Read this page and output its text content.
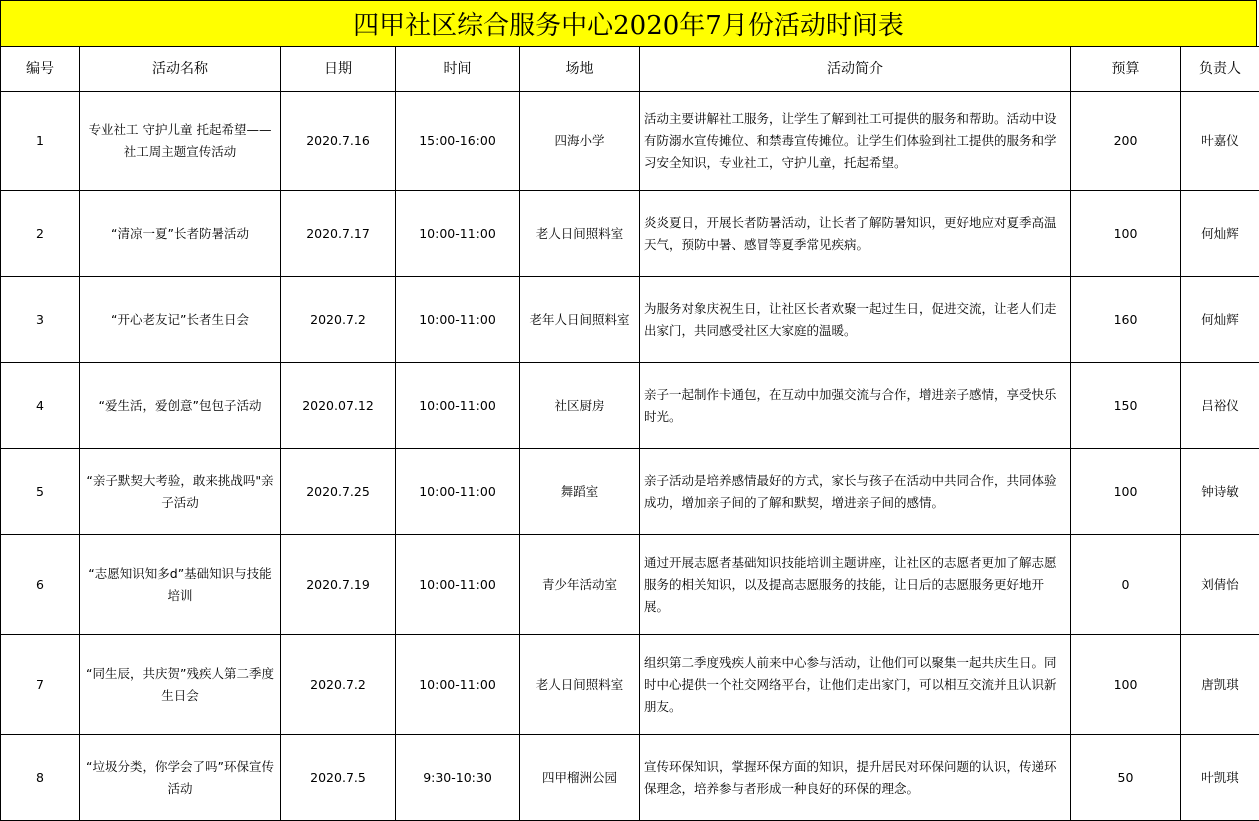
四甲社区综合服务中心2020年7月份活动时间表
编号	活动名称	日期	时间	场地	活动简介	预算	负责人
1	专业社工 守护儿童 托起希望——社工周主题宣传活动	2020.7.16	15:00-16:00	四海小学	活动主要讲解社工服务，让学生了解到社工可提供的服务和帮助。活动中设有防溺水宣传摊位、和禁毒宣传摊位。让学生们体验到社工提供的服务和学习安全知识，专业社工，守护儿童，托起希望。	200	叶嘉仪
2	“清凉一夏”长者防暑活动	2020.7.17	10:00-11:00	老人日间照料室	炎炎夏日，开展长者防暑活动，让长者了解防暑知识，更好地应对夏季高温天气，预防中暑、感冒等夏季常见疾病。	100	何灿辉
3	“开心老友记”长者生日会	2020.7.2	10:00-11:00	老年人日间照料室	为服务对象庆祝生日，让社区长者欢聚一起过生日，促进交流，让老人们走出家门，共同感受社区大家庭的温暖。	160	何灿辉
4	“爱生活，爱创意”包包子活动	2020.07.12	10:00-11:00	社区厨房	亲子一起制作卡通包，在互动中加强交流与合作，增进亲子感情，享受快乐时光。	150	吕裕仪
5	“亲子默契大考验，敢来挑战吗"亲子活动	2020.7.25	10:00-11:00	舞蹈室	亲子活动是培养感情最好的方式，家长与孩子在活动中共同合作，共同体验成功，增加亲子间的了解和默契，增进亲子间的感情。	100	钟诗敏
6	“志愿知识知多d”基础知识与技能培训	2020.7.19	10:00-11:00	青少年活动室	通过开展志愿者基础知识技能培训主题讲座，让社区的志愿者更加了解志愿服务的相关知识，以及提高志愿服务的技能，让日后的志愿服务更好地开展。	0	刘倩怡
7	“同生辰，共庆贺”残疾人第二季度生日会	2020.7.2	10:00-11:00	老人日间照料室	组织第二季度残疾人前来中心参与活动，让他们可以聚集一起共庆生日。同时中心提供一个社交网络平台，让他们走出家门，可以相互交流并且认识新朋友。	100	唐凯琪
8	“垃圾分类，你学会了吗”环保宣传活动	2020.7.5	9:30-10:30	四甲榴洲公园	宣传环保知识，掌握环保方面的知识，提升居民对环保问题的认识，传递环保理念，培养参与者形成一种良好的环保的理念。	50	叶凯琪
